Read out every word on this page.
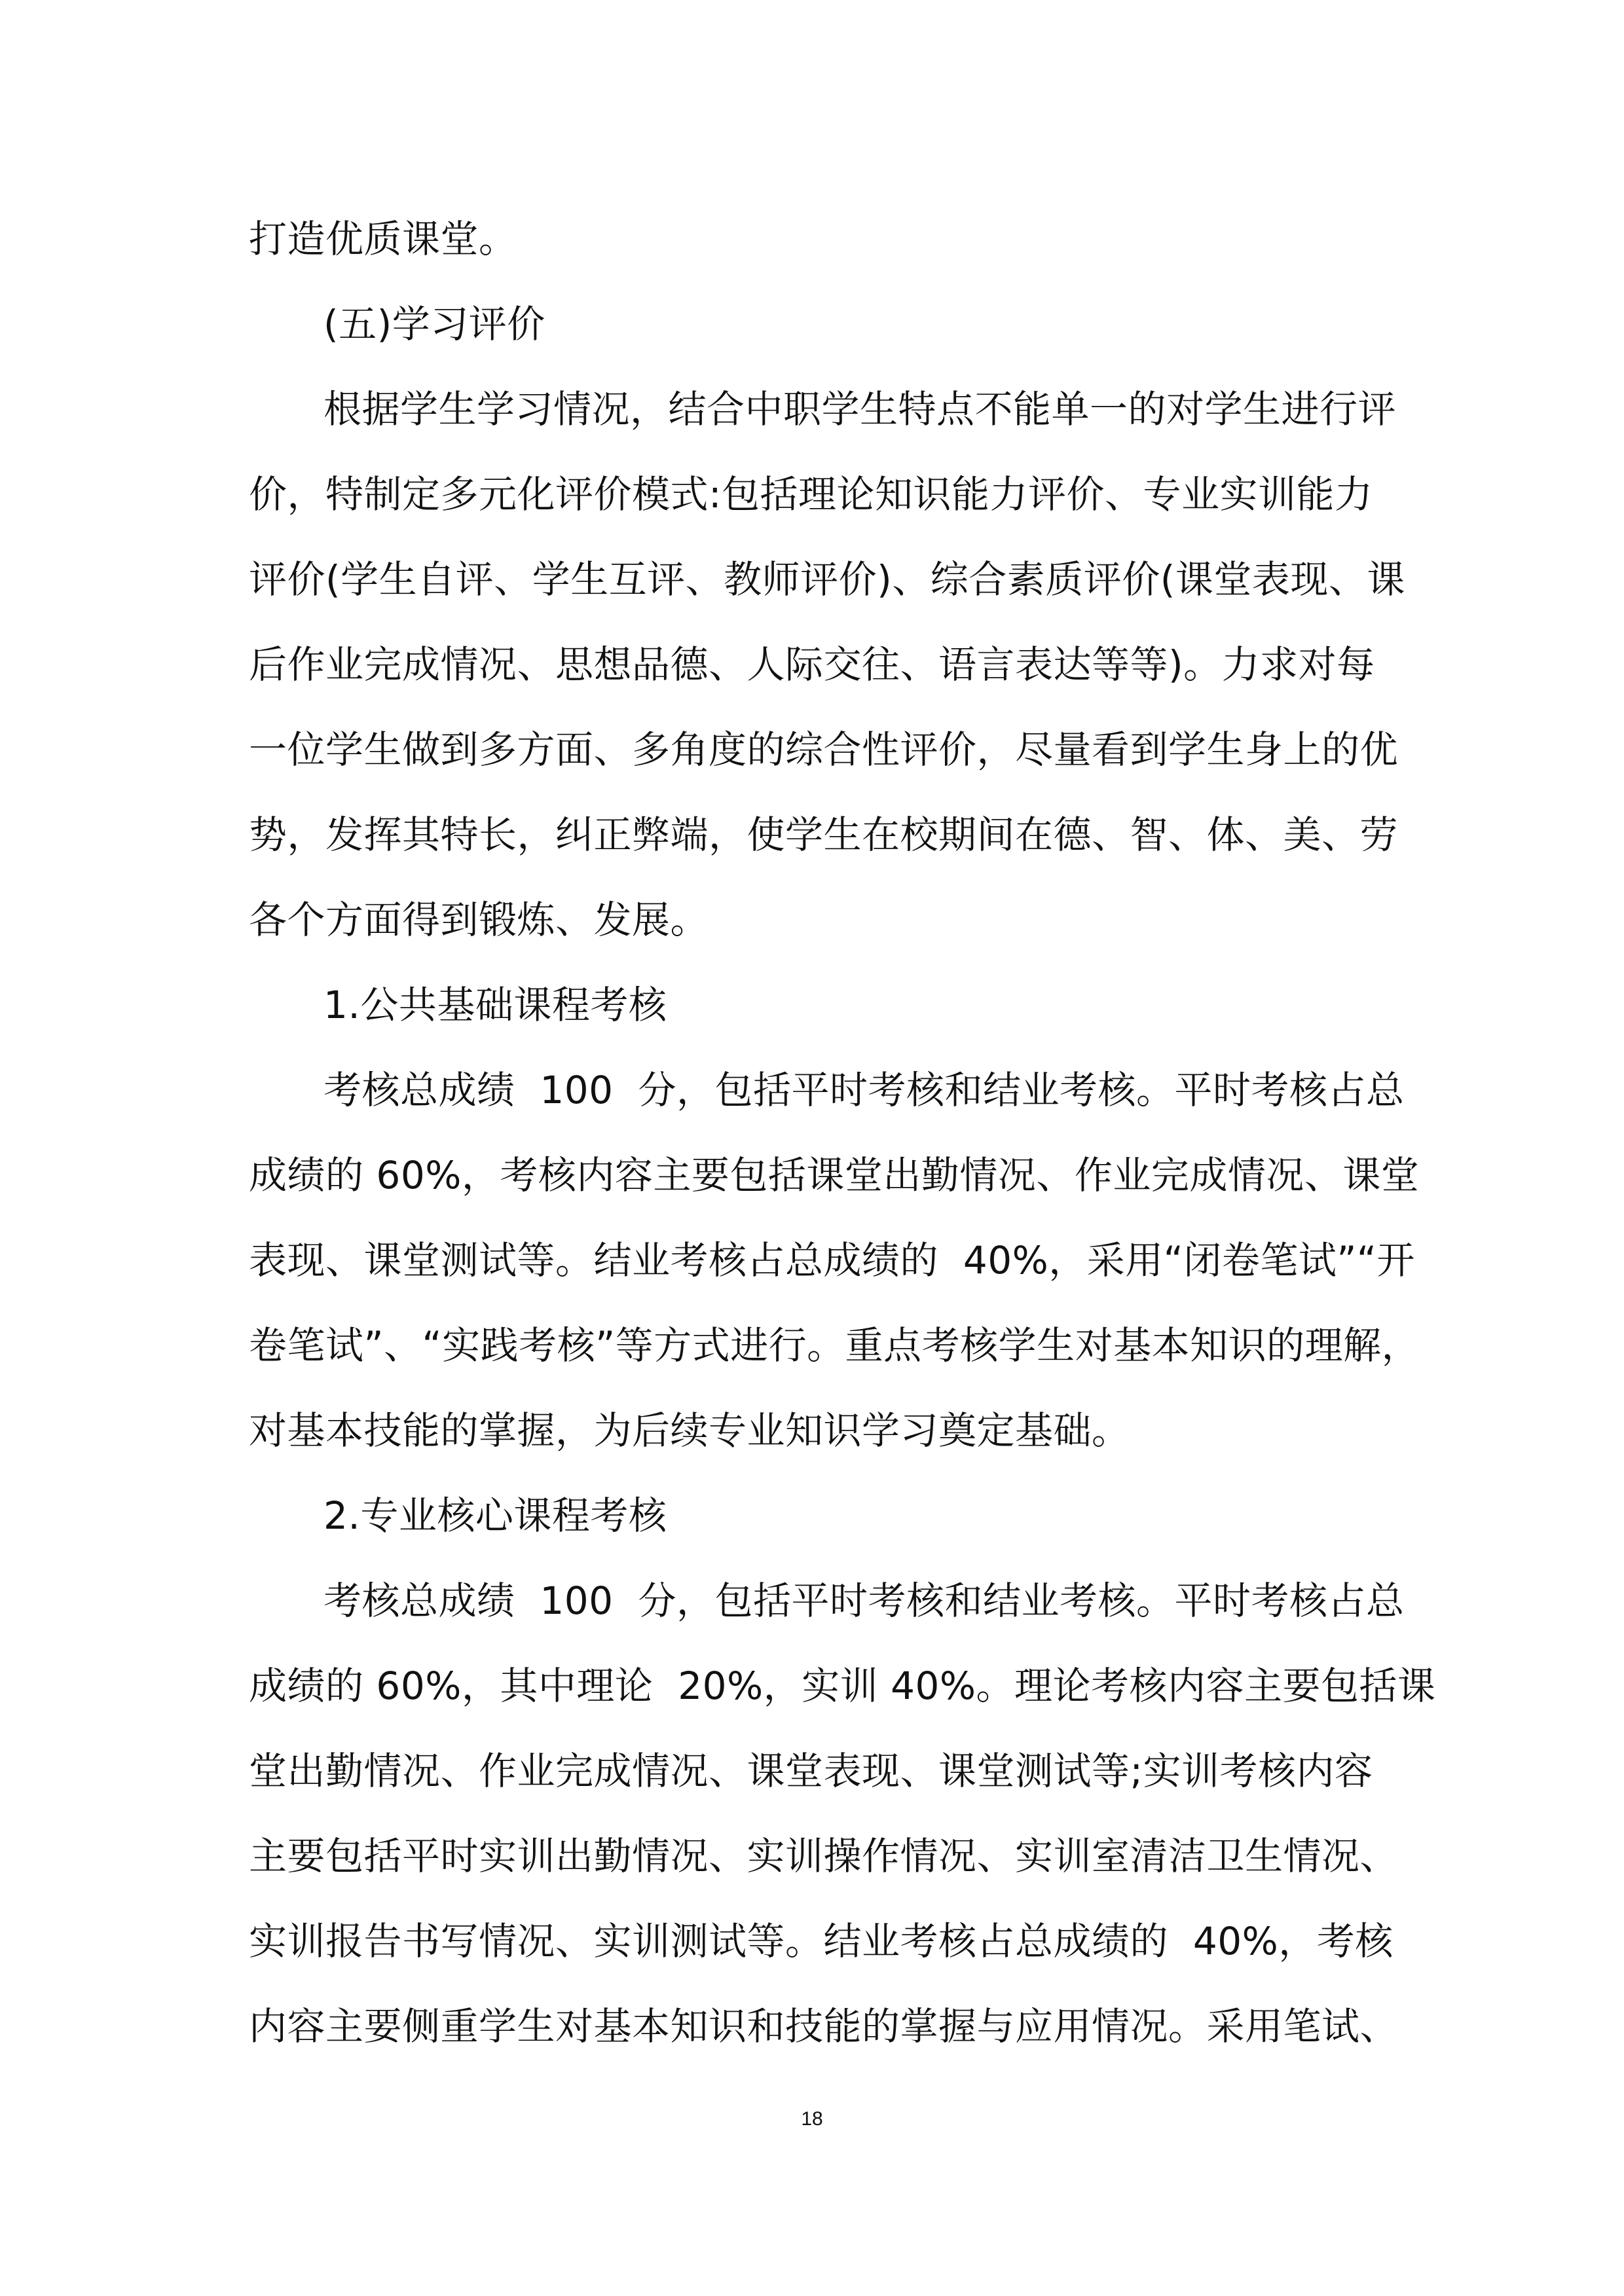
打造优质课堂。
(五)学习评价
根据学生学习情况，结合中职学生特点不能单一的对学生进行评
价，特制定多元化评价模式:包括理论知识能力评价、专业实训能力
评价(学生自评、学生互评、教师评价)、综合素质评价(课堂表现、课
后作业完成情况、思想品德、人际交往、语言表达等等)。力求对每
一位学生做到多方面、多角度的综合性评价，尽量看到学生身上的优
势，发挥其特长，纠正弊端，使学生在校期间在德、智、体、美、劳
各个方面得到锻炼、发展。
1.公共基础课程考核
考核总成绩  100  分，包括平时考核和结业考核。平时考核占总
成绩的 60%，考核内容主要包括课堂出勤情况、作业完成情况、课堂
表现、课堂测试等。结业考核占总成绩的  40%，采用“闭卷笔试”“开
卷笔试”、“实践考核”等方式进行。重点考核学生对基本知识的理解，
对基本技能的掌握，为后续专业知识学习奠定基础。
2.专业核心课程考核
考核总成绩  100  分，包括平时考核和结业考核。平时考核占总
成绩的 60%，其中理论  20%，实训 40%。理论考核内容主要包括课
堂出勤情况、作业完成情况、课堂表现、课堂测试等;实训考核内容
主要包括平时实训出勤情况、实训操作情况、实训室清洁卫生情况、
实训报告书写情况、实训测试等。结业考核占总成绩的  40%，考核
内容主要侧重学生对基本知识和技能的掌握与应用情况。采用笔试、
18
